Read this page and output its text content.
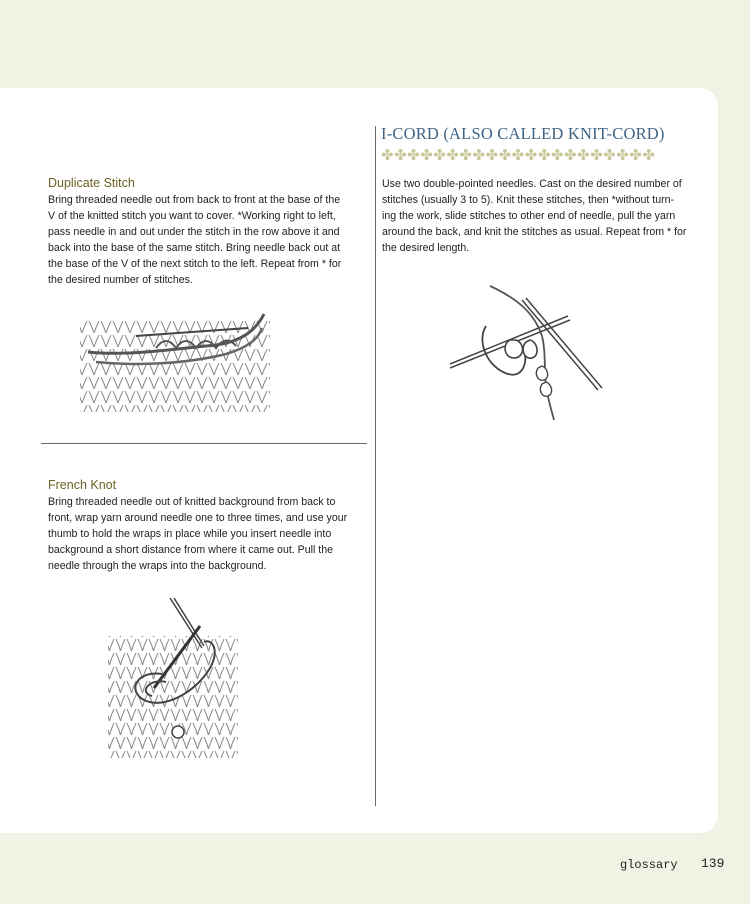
Duplicate Stitch
Bring threaded needle out from back to front at the base of the
V of the knitted stitch you want to cover. *Working right to left,
pass needle in and out under the stitch in the row above it and
back into the base of the same stitch. Bring needle back out at
the base of the V of the next stitch to the left. Repeat from * for
the desired number of stitches.
French Knot
Bring threaded needle out of knitted background from back to
front, wrap yarn around needle one to three times, and use your
thumb to hold the wraps in place while you insert needle into
background a short distance from where it came out. Pull the
needle through the wraps into the background.
I-CORD (ALSO CALLED KNIT-CORD)
✤✤✤✤✤✤✤✤✤✤✤✤✤✤✤✤✤✤✤✤✤
Use two double-pointed needles. Cast on the desired number of
stitches (usually 3 to 5). Knit these stitches, then *without turn-
ing the work, slide stitches to other end of needle, pull the yarn
around the back, and knit the stitches as usual. Repeat from * for
the desired length.
glossary 139
